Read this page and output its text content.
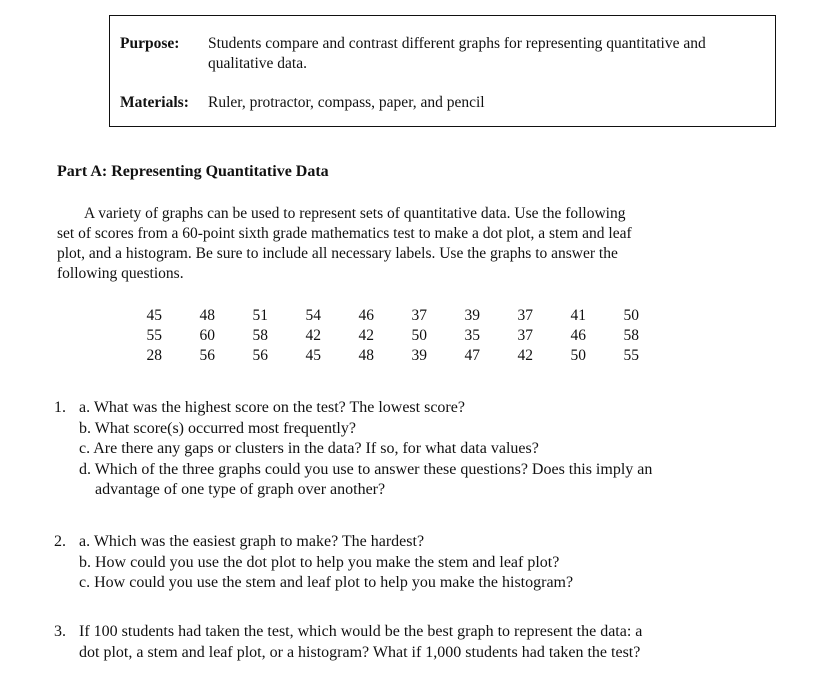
Purpose: Students compare and contrast different graphs for representing quantitative and
qualitative data.
Materials: Ruler, protractor, compass, paper, and pencil
Part A: Representing Quantitative Data
A variety of graphs can be used to represent sets of quantitative data. Use the following
set of scores from a 60-point sixth grade mathematics test to make a dot plot, a stem and leaf
plot, and a histogram. Be sure to include all necessary labels. Use the graphs to answer the
following questions.
45	48	51	54	46	37	39	37	41	50
55	60	58	42	42	50	35	37	46	58
28	56	56	45	48	39	47	42	50	55
1. a. What was the highest score on the test? The lowest score?
b. What score(s) occurred most frequently?
c. Are there any gaps or clusters in the data? If so, for what data values?
d. Which of the three graphs could you use to answer these questions? Does this imply an
advantage of one type of graph over another?
2. a. Which was the easiest graph to make? The hardest?
b. How could you use the dot plot to help you make the stem and leaf plot?
c. How could you use the stem and leaf plot to help you make the histogram?
3. If 100 students had taken the test, which would be the best graph to represent the data: a
dot plot, a stem and leaf plot, or a histogram? What if 1,000 students had taken the test?
